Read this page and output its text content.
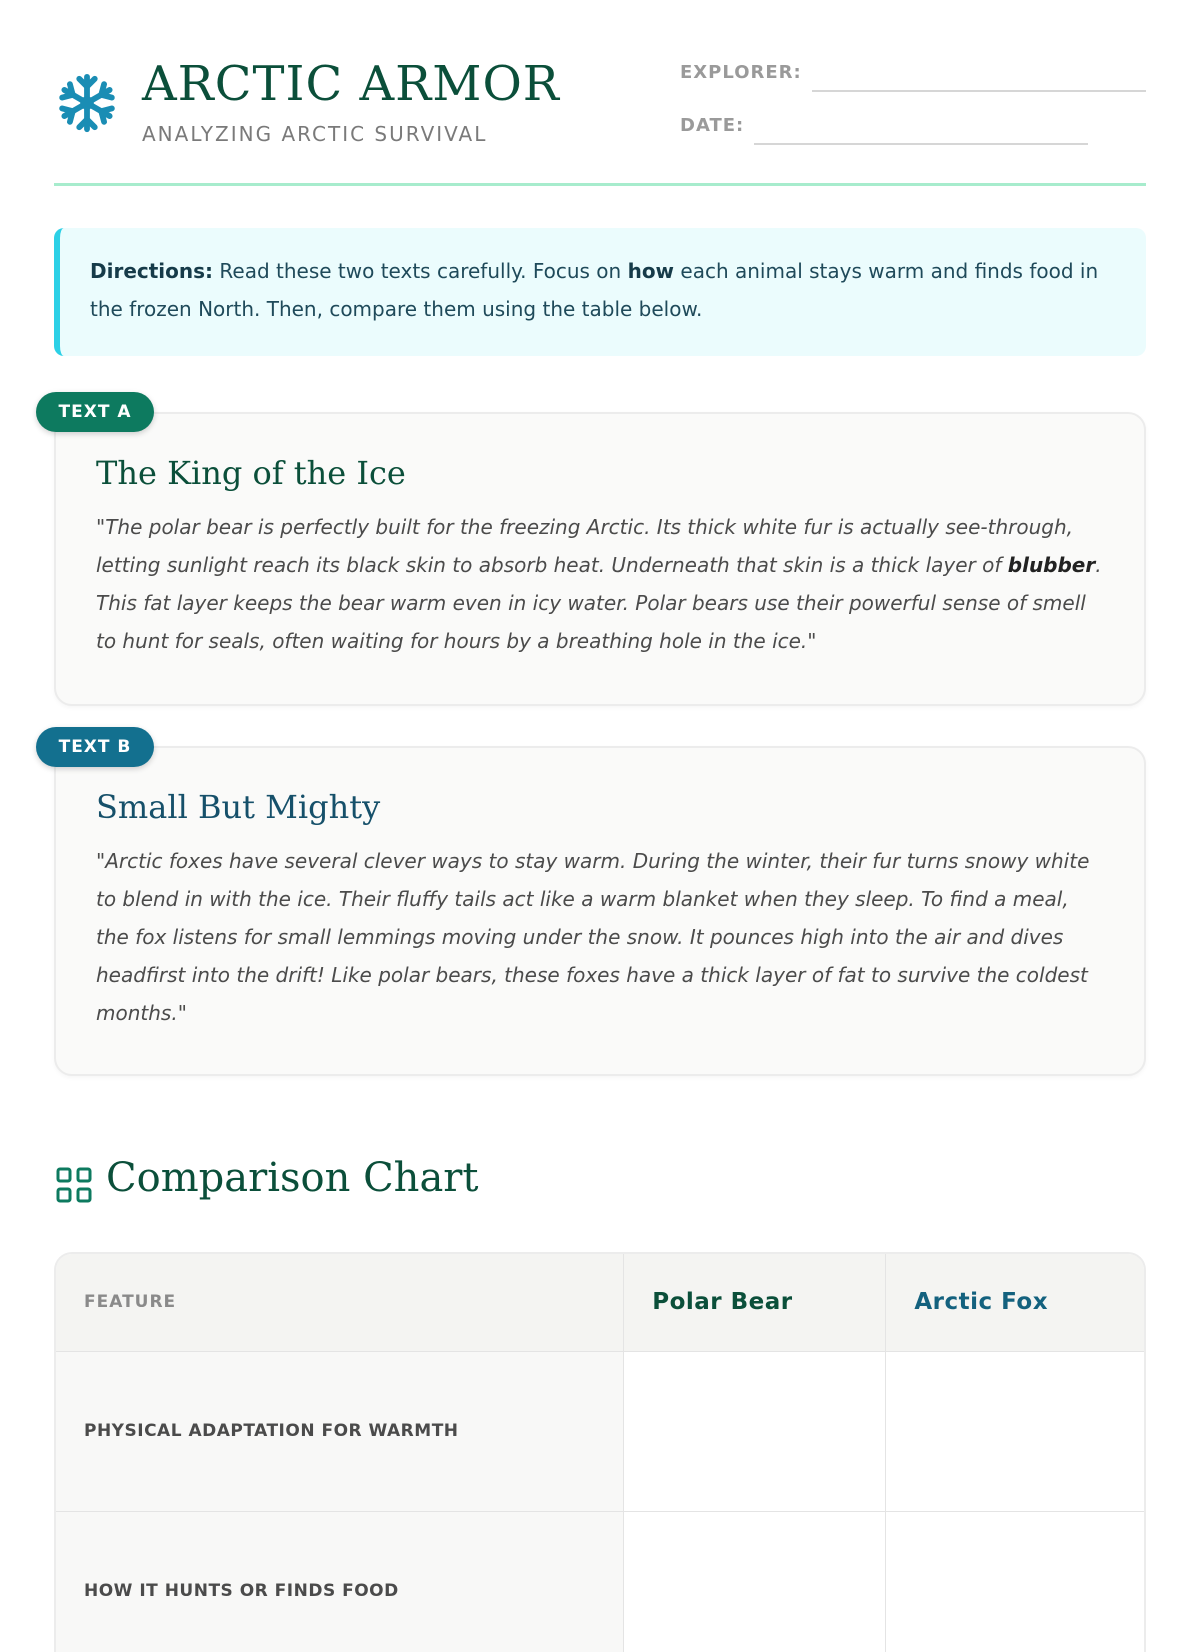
ARCTIC ARMOR
ANALYZING ARCTIC SURVIVAL
EXPLORER:
DATE:
Directions: Read these two texts carefully. Focus on how each animal stays warm and finds food in the frozen North. Then, compare them using the table below.
The King of the Ice

"The polar bear is perfectly built for the freezing Arctic. Its thick white fur is actually see-through, letting sunlight reach its black skin to absorb heat. Underneath that skin is a thick layer of blubber. This fat layer keeps the bear warm even in icy water. Polar bears use their powerful sense of smell to hunt for seals, often waiting for hours by a breathing hole in the ice."

TEXT A
Small But Mighty

"Arctic foxes have several clever ways to stay warm. During the winter, their fur turns snowy white to blend in with the ice. Their fluffy tails act like a warm blanket when they sleep. To find a meal, the fox listens for small lemmings moving under the snow. It pounces high into the air and dives headfirst into the drift! Like polar bears, these foxes have a thick layer of fat to survive the coldest months."

TEXT B
Comparison Chart
FEATURE	Polar Bear	Arctic Fox
PHYSICAL ADAPTATION FOR WARMTH		
HOW IT HUNTS OR FINDS FOOD		
